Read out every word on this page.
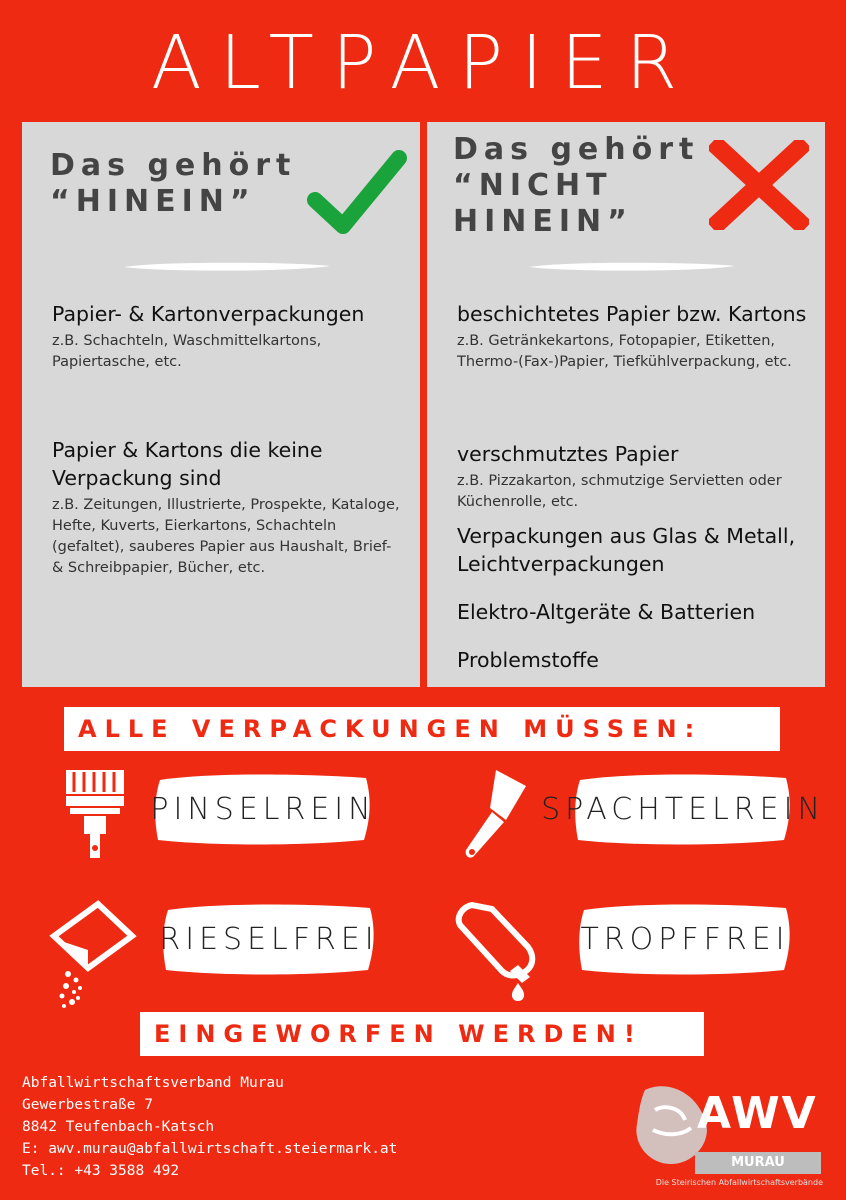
ALTPAPIER
Das gehört
“HINEIN”
Papier- & Kartonverpackungen
z.B. Schachteln, Waschmittelkartons, Papiertasche, etc.
Papier & Kartons die keine Verpackung sind
z.B. Zeitungen, Illustrierte, Prospekte, Kataloge, Hefte, Kuverts, Eierkartons, Schachteln (gefaltet), sauberes Papier aus Haushalt, Brief- & Schreibpapier, Bücher, etc.
Das gehört
“NICHT
HINEIN”
beschichtetes Papier bzw. Kartons
z.B. Getränkekartons, Fotopapier, Etiketten, Thermo-(Fax-)Papier, Tiefkühlverpackung, etc.
verschmutztes Papier
z.B. Pizzakarton, schmutzige Servietten oder Küchenrolle, etc.
Verpackungen aus Glas & Metall, Leichtverpackungen
Elektro-Altgeräte & Batterien
Problemstoffe
ALLE VERPACKUNGEN MÜSSEN:
PINSELREIN	SPACHTELREIN
RIESELFREI	TROPFFREI
EINGEWORFEN WERDEN!
Abfallwirtschaftsverband Murau
Gewerbestraße 7
8842 Teufenbach-Katsch
E: awv.murau@abfallwirtschaft.steiermark.at
Tel.: +43 3588 492
AWV
MURAU
Die Steirischen Abfallwirtschaftsverbände
